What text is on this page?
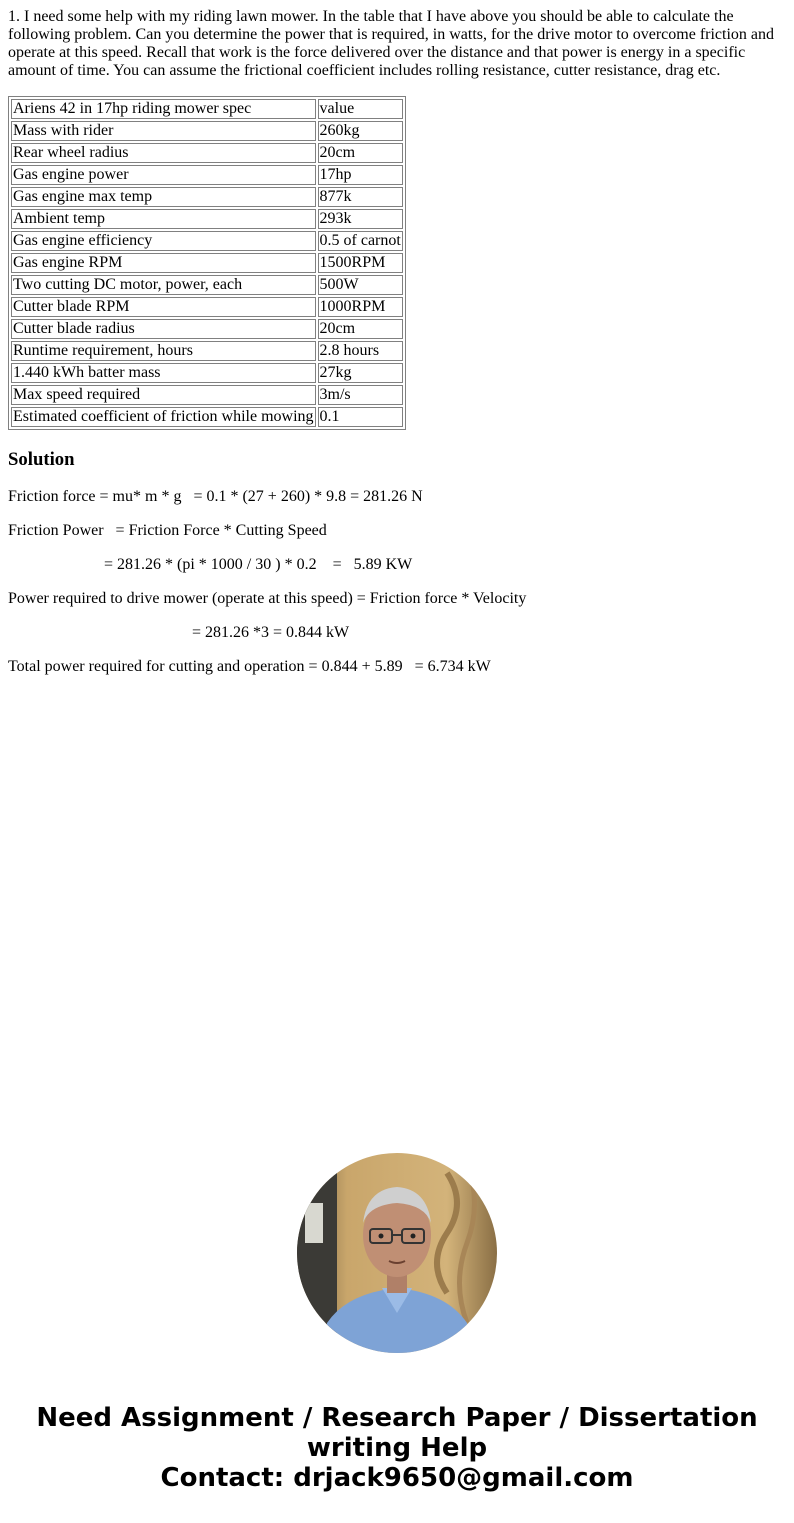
1. I need some help with my riding lawn mower. In the table that I have above you should be able to calculate the following problem. Can you determine the power that is required, in watts, for the drive motor to overcome friction and operate at this speed. Recall that work is the force delivered over the distance and that power is energy in a specific amount of time. You can assume the frictional coefficient includes rolling resistance, cutter resistance, drag etc.

Ariens 42 in 17hp riding mower spec	value
Mass with rider	260kg
Rear wheel radius	20cm
Gas engine power	17hp
Gas engine max temp	877k
Ambient temp	293k
Gas engine efficiency	0.5 of carnot
Gas engine RPM	1500RPM
Two cutting DC motor, power, each	500W
Cutter blade RPM	1000RPM
Cutter blade radius	20cm
Runtime requirement, hours	2.8 hours
1.440 kWh batter mass	27kg
Max speed required	3m/s
Estimated coefficient of friction while mowing	0.1
Solution

Friction force = mu* m * g   = 0.1 * (27 + 260) * 9.8 = 281.26 N

Friction Power   = Friction Force * Cutting Speed

= 281.26 * (pi * 1000 / 30 ) * 0.2    =   5.89 KW

Power required to drive mower (operate at this speed) = Friction force * Velocity

= 281.26 *3 = 0.844 kW

Total power required for cutting and operation = 0.844 + 5.89   = 6.734 kW

Need Assignment / Research Paper / Dissertation
writing Help
Contact: drjack9650@gmail.com
